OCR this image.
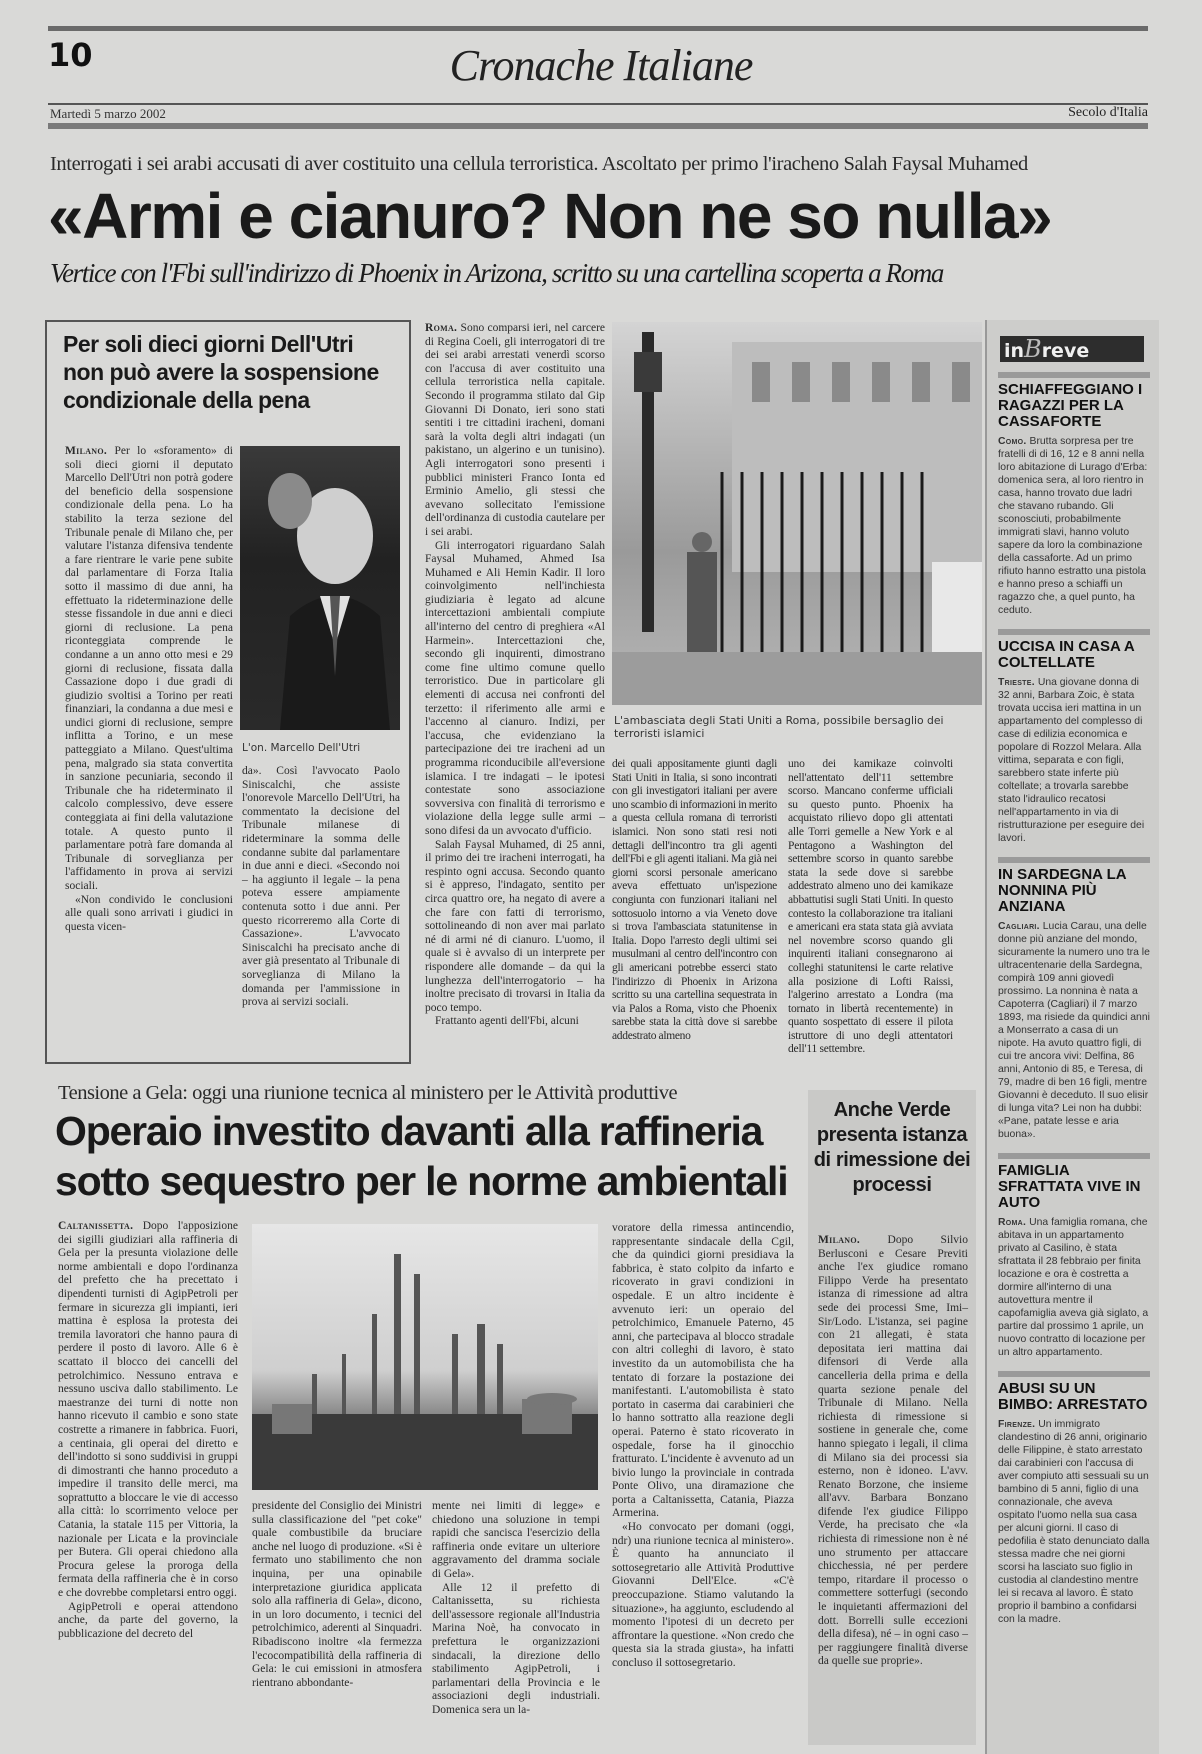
10	Cronache Italiane
Martedì 5 marzo 2002	Secolo d'Italia
Interrogati i sei arabi accusati di aver costituito una cellula terroristica. Ascoltato per primo l'iracheno Salah Faysal Muhamed
«Armi e cianuro? Non ne so nulla»
Vertice con l'Fbi sull'indirizzo di Phoenix in Arizona, scritto su una cartellina scoperta a Roma
Per soli dieci giorni Dell'Utri non può avere la sospensione condizionale della pena

Milano. Per lo «sforamento» di soli dieci giorni il deputato Marcello Dell'Utri non potrà godere del beneficio della sospensione condizionale della pena. Lo ha stabilito la terza sezione del Tribunale penale di Milano che, per valutare l'istanza difensiva tendente a fare rientrare le varie pene subite dal parlamentare di Forza Italia sotto il massimo di due anni, ha effettuato la rideterminazione delle stesse fissandole in due anni e dieci giorni di reclusione. La pena riconteggiata comprende le condanne a un anno otto mesi e 29 giorni di reclusione, fissata dalla Cassazione dopo i due gradi di giudizio svoltisi a Torino per reati finanziari, la condanna a due mesi e undici giorni di reclusione, sempre inflitta a Torino, e un mese patteggiato a Milano. Quest'ultima pena, malgrado sia stata convertita in sanzione pecuniaria, secondo il Tribunale che ha rideterminato il calcolo complessivo, deve essere conteggiata ai fini della valutazione totale. A questo punto il parlamentare potrà fare domanda al Tribunale di sorveglianza per l'affidamento in prova ai servizi sociali.

«Non condivido le conclusioni alle quali sono arrivati i giudici in questa vicen-

L'on. Marcello Dell'Utri

da». Così l'avvocato Paolo Siniscalchi, che assiste l'onorevole Marcello Dell'Utri, ha commentato la decisione del Tribunale milanese di rideterminare la somma delle condanne subite dal parlamentare in due anni e dieci. «Secondo noi – ha aggiunto il legale – la pena poteva essere ampiamente contenuta sotto i due anni. Per questo ricorreremo alla Corte di Cassazione». L'avvocato Siniscalchi ha precisato anche di aver già presentato al Tribunale di sorveglianza di Milano la domanda per l'ammissione in prova ai servizi sociali.

Roma. Sono comparsi ieri, nel carcere di Regina Coeli, gli interrogatori di tre dei sei arabi arrestati venerdì scorso con l'accusa di aver costituito una cellula terroristica nella capitale. Secondo il programma stilato dal Gip Giovanni Di Donato, ieri sono stati sentiti i tre cittadini iracheni, domani sarà la volta degli altri indagati (un pakistano, un algerino e un tunisino). Agli interrogatori sono presenti i pubblici ministeri Franco Ionta ed Erminio Amelio, gli stessi che avevano sollecitato l'emissione dell'ordinanza di custodia cautelare per i sei arabi.

Gli interrogatori riguardano Salah Faysal Muhamed, Ahmed Isa Muhamed e Ali Hemin Kadir. Il loro coinvolgimento nell'inchiesta giudiziaria è legato ad alcune intercettazioni ambientali compiute all'interno del centro di preghiera «Al Harmein». Intercettazioni che, secondo gli inquirenti, dimostrano come fine ultimo comune quello terroristico. Due in particolare gli elementi di accusa nei confronti del terzetto: il riferimento alle armi e l'accenno al cianuro. Indizi, per l'accusa, che evidenziano la partecipazione dei tre iracheni ad un programma riconducibile all'eversione islamica. I tre indagati – le ipotesi contestate sono associazione sovversiva con finalità di terrorismo e violazione della legge sulle armi – sono difesi da un avvocato d'ufficio.

Salah Faysal Muhamed, di 25 anni, il primo dei tre iracheni interrogati, ha respinto ogni accusa. Secondo quanto si è appreso, l'indagato, sentito per circa quattro ore, ha negato di avere a che fare con fatti di terrorismo, sottolineando di non aver mai parlato né di armi né di cianuro. L'uomo, il quale si è avvalso di un interprete per rispondere alle domande – da qui la lunghezza dell'interrogatorio – ha inoltre precisato di trovarsi in Italia da poco tempo.

Frattanto agenti dell'Fbi, alcuni

L'ambasciata degli Stati Uniti a Roma, possibile bersaglio dei terroristi islamici

dei quali appositamente giunti dagli Stati Uniti in Italia, si sono incontrati con gli investigatori italiani per avere uno scambio di informazioni in merito a questa cellula romana di terroristi islamici. Non sono stati resi noti dettagli dell'incontro tra gli agenti dell'Fbi e gli agenti italiani. Ma già nei giorni scorsi personale americano aveva effettuato un'ispezione congiunta con funzionari italiani nel sottosuolo intorno a via Veneto dove si trova l'ambasciata statunitense in Italia. Dopo l'arresto degli ultimi sei musulmani al centro dell'incontro con gli americani potrebbe esserci stato l'indirizzo di Phoenix in Arizona scritto su una cartellina sequestrata in via Palos a Roma, visto che Phoenix sarebbe stata la città dove si sarebbe addestrato almeno

uno dei kamikaze coinvolti nell'attentato dell'11 settembre scorso. Mancano conferme ufficiali su questo punto. Phoenix ha acquistato rilievo dopo gli attentati alle Torri gemelle a New York e al Pentagono a Washington del settembre scorso in quanto sarebbe stata la sede dove si sarebbe addestrato almeno uno dei kamikaze abbattutisi sugli Stati Uniti. In questo contesto la collaborazione tra italiani e americani era stata stata già avviata nel novembre scorso quando gli inquirenti italiani consegnarono ai colleghi statunitensi le carte relative alla posizione di Lofti Raissi, l'algerino arrestato a Londra (ma tornato in libertà recentemente) in quanto sospettato di essere il pilota istruttore di uno degli attentatori dell'11 settembre.

inBreve
SCHIAFFEGGIANO I RAGAZZI PER LA CASSAFORTE
Como. Brutta sorpresa per tre fratelli di di 16, 12 e 8 anni nella loro abitazione di Lurago d'Erba: domenica sera, al loro rientro in casa, hanno trovato due ladri che stavano rubando. Gli sconosciuti, probabilmente immigrati slavi, hanno voluto sapere da loro la combinazione della cassaforte. Ad un primo rifiuto hanno estratto una pistola e hanno preso a schiaffi un ragazzo che, a quel punto, ha ceduto.
UCCISA IN CASA A COLTELLATE
Trieste. Una giovane donna di 32 anni, Barbara Zoic, è stata trovata uccisa ieri mattina in un appartamento del complesso di case di edilizia economica e popolare di Rozzol Melara. Alla vittima, separata e con figli, sarebbero state inferte più coltellate; a trovarla sarebbe stato l'idraulico recatosi nell'appartamento in via di ristrutturazione per eseguire dei lavori.
IN SARDEGNA LA NONNINA PIÙ ANZIANA
Cagliari. Lucia Carau, una delle donne più anziane del mondo, sicuramente la numero uno tra le ultracentenarie della Sardegna, compirà 109 anni giovedì prossimo. La nonnina è nata a Capoterra (Cagliari) il 7 marzo 1893, ma risiede da quindici anni a Monserrato a casa di un nipote. Ha avuto quattro figli, di cui tre ancora vivi: Delfina, 86 anni, Antonio di 85, e Teresa, di 79, madre di ben 16 figli, mentre Giovanni è deceduto. Il suo elisir di lunga vita? Lei non ha dubbi: «Pane, patate lesse e aria buona».
FAMIGLIA SFRATTATA VIVE IN AUTO
Roma. Una famiglia romana, che abitava in un appartamento privato al Casilino, è stata sfrattata il 28 febbraio per finita locazione e ora è costretta a dormire all'interno di una autovettura mentre il capofamiglia aveva già siglato, a partire dal prossimo 1 aprile, un nuovo contratto di locazione per un altro appartamento.
ABUSI SU UN BIMBO: ARRESTATO
Firenze. Un immigrato clandestino di 26 anni, originario delle Filippine, è stato arrestato dai carabinieri con l'accusa di aver compiuto atti sessuali su un bambino di 5 anni, figlio di una connazionale, che aveva ospitato l'uomo nella sua casa per alcuni giorni. Il caso di pedofilia è stato denunciato dalla stessa madre che nei giorni scorsi ha lasciato suo figlio in custodia al clandestino mentre lei si recava al lavoro. È stato proprio il bambino a confidarsi con la madre.
Tensione a Gela: oggi una riunione tecnica al ministero per le Attività produttive
Operaio investito davanti alla raffineria
sotto sequestro per le norme ambientali

Caltanissetta. Dopo l'apposizione dei sigilli giudiziari alla raffineria di Gela per la presunta violazione delle norme ambientali e dopo l'ordinanza del prefetto che ha precettato i dipendenti turnisti di AgipPetroli per fermare in sicurezza gli impianti, ieri mattina è esplosa la protesta dei tremila lavoratori che hanno paura di perdere il posto di lavoro. Alle 6 è scattato il blocco dei cancelli del petrolchimico. Nessuno entrava e nessuno usciva dallo stabilimento. Le maestranze dei turni di notte non hanno ricevuto il cambio e sono state costrette a rimanere in fabbrica. Fuori, a centinaia, gli operai del diretto e dell'indotto si sono suddivisi in gruppi di dimostranti che hanno proceduto a impedire il transito delle merci, ma soprattutto a bloccare le vie di accesso alla città: lo scorrimento veloce per Catania, la statale 115 per Vittoria, la nazionale per Licata e la provinciale per Butera. Gli operai chiedono alla Procura gelese la proroga della fermata della raffineria che è in corso e che dovrebbe completarsi entro oggi.

AgipPetroli e operai attendono anche, da parte del governo, la pubblicazione del decreto del

presidente del Consiglio dei Ministri sulla classificazione del "pet coke" quale combustibile da bruciare anche nel luogo di produzione. «Si è fermato uno stabilimento che non inquina, per una opinabile interpretazione giuridica applicata solo alla raffineria di Gela», dicono, in un loro documento, i tecnici del petrolchimico, aderenti al Sinquadri. Ribadiscono inoltre «la fermezza l'ecocompatibilità della raffineria di Gela: le cui emissioni in atmosfera rientrano abbondante-

mente nei limiti di legge» e chiedono una soluzione in tempi rapidi che sancisca l'esercizio della raffineria onde evitare un ulteriore aggravamento del dramma sociale di Gela».

Alle 12 il prefetto di Caltanissetta, su richiesta dell'assessore regionale all'Industria Marina Noè, ha convocato in prefettura le organizzazioni sindacali, la direzione dello stabilimento AgipPetroli, i parlamentari della Provincia e le associazioni degli industriali. Domenica sera un la-

voratore della rimessa antincendio, rappresentante sindacale della Cgil, che da quindici giorni presidiava la fabbrica, è stato colpito da infarto e ricoverato in gravi condizioni in ospedale. E un altro incidente è avvenuto ieri: un operaio del petrolchimico, Emanuele Paterno, 45 anni, che partecipava al blocco stradale con altri colleghi di lavoro, è stato investito da un automobilista che ha tentato di forzare la postazione dei manifestanti. L'automobilista è stato portato in caserma dai carabinieri che lo hanno sottratto alla reazione degli operai. Paterno è stato ricoverato in ospedale, forse ha il ginocchio fratturato. L'incidente è avvenuto ad un bivio lungo la provinciale in contrada Ponte Olivo, una diramazione che porta a Caltanissetta, Catania, Piazza Armerina.

«Ho convocato per domani (oggi, ndr) una riunione tecnica al ministero». È quanto ha annunciato il sottosegretario alle Attività Produttive Giovanni Dell'Elce. «C'è preoccupazione. Stiamo valutando la situazione», ha aggiunto, escludendo al momento l'ipotesi di un decreto per affrontare la questione. «Non credo che questa sia la strada giusta», ha infatti concluso il sottosegretario.

Anche Verde presenta istanza di rimessione dei processi

Milano. Dopo Silvio Berlusconi e Cesare Previti anche l'ex giudice romano Filippo Verde ha presentato istanza di rimessione ad altra sede dei processi Sme, Imi–Sir/Lodo. L'istanza, sei pagine con 21 allegati, è stata depositata ieri mattina dai difensori di Verde alla cancelleria della prima e della quarta sezione penale del Tribunale di Milano. Nella richiesta di rimessione si sostiene in generale che, come hanno spiegato i legali, il clima di Milano sia dei processi sia esterno, non è idoneo. L'avv. Renato Borzone, che insieme all'avv. Barbara Bonzano difende l'ex giudice Filippo Verde, ha precisato che «la richiesta di rimessione non è né uno strumento per attaccare chicchessia, né per perdere tempo, ritardare il processo o commettere sotterfugi (secondo le inquietanti affermazioni del dott. Borrelli sulle eccezioni della difesa), né – in ogni caso – per raggiungere finalità diverse da quelle sue proprie».
